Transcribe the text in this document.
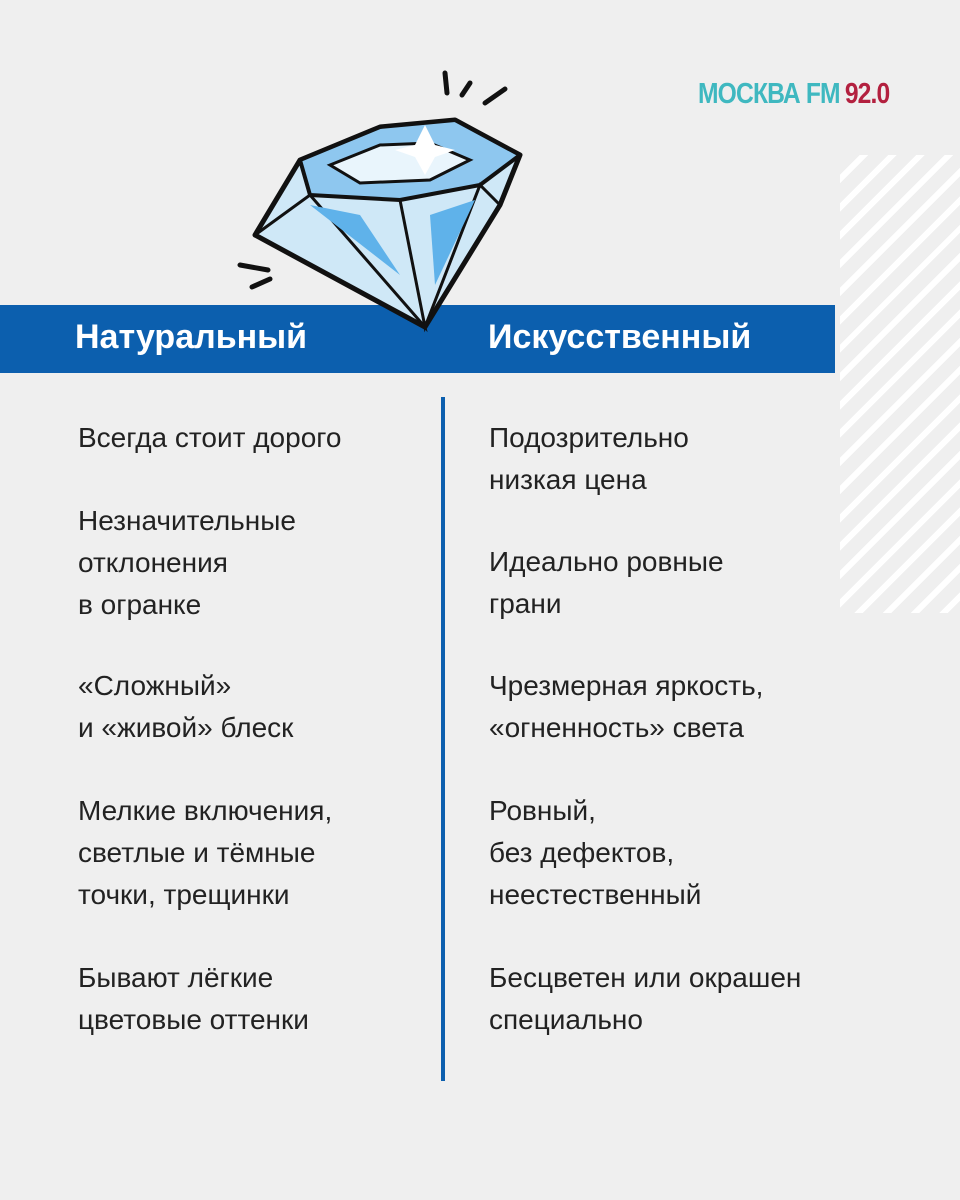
МОСКВА FM 92.0
Натуральный	Искусственный
Всегда стоит дорого
Незначительные
отклонения
в огранке
«Сложный»
и «живой» блеск
Мелкие включения,
светлые и тёмные
точки, трещинки
Бывают лёгкие
цветовые оттенки
Подозрительно
низкая цена
Идеально ровные
грани
Чрезмерная яркость,
«огненность» света
Ровный,
без дефектов,
неестественный
Бесцветен или окрашен
специально
